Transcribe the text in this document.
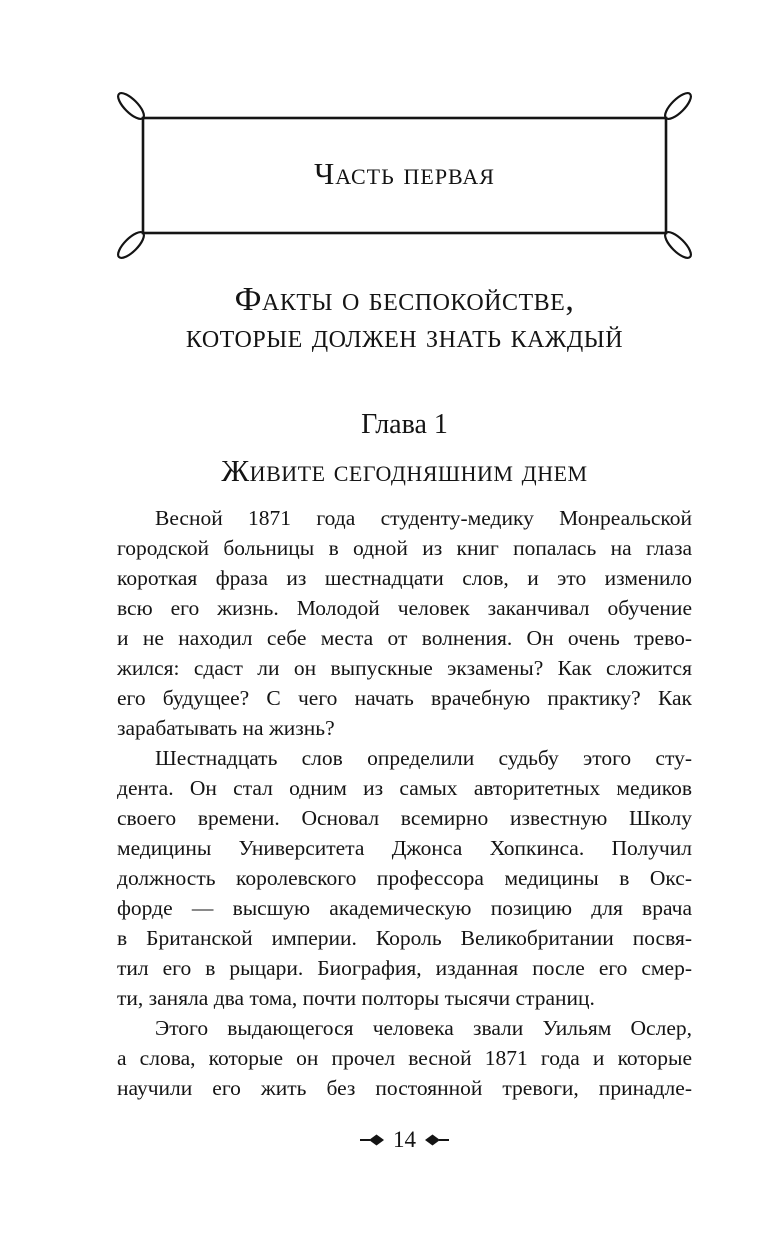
Часть первая
Факты о беспокойстве,
которые должен знать каждый
Глава 1
Живите сегодняшним днем
Весной 1871 года студенту-медику Монреальской
городской больницы в одной из книг попалась на глаза
короткая фраза из шестнадцати слов, и это изменило
всю его жизнь. Молодой человек заканчивал обучение
и не находил себе места от волнения. Он очень трево-
жился: сдаст ли он выпускные экзамены? Как сложится
его будущее? С чего начать врачебную практику? Как
зарабатывать на жизнь?
Шестнадцать слов определили судьбу этого сту-
дента. Он стал одним из самых авторитетных медиков
своего времени. Основал всемирно известную Школу
медицины Университета Джонса Хопкинса. Получил
должность королевского профессора медицины в Окс-
форде — высшую академическую позицию для врача
в Британской империи. Король Великобритании посвя-
тил его в рыцари. Биография, изданная после его смер-
ти, заняла два тома, почти полторы тысячи страниц.
Этого выдающегося человека звали Уильям Ослер,
а слова, которые он прочел весной 1871 года и которые
научили его жить без постоянной тревоги, принадле-
14
